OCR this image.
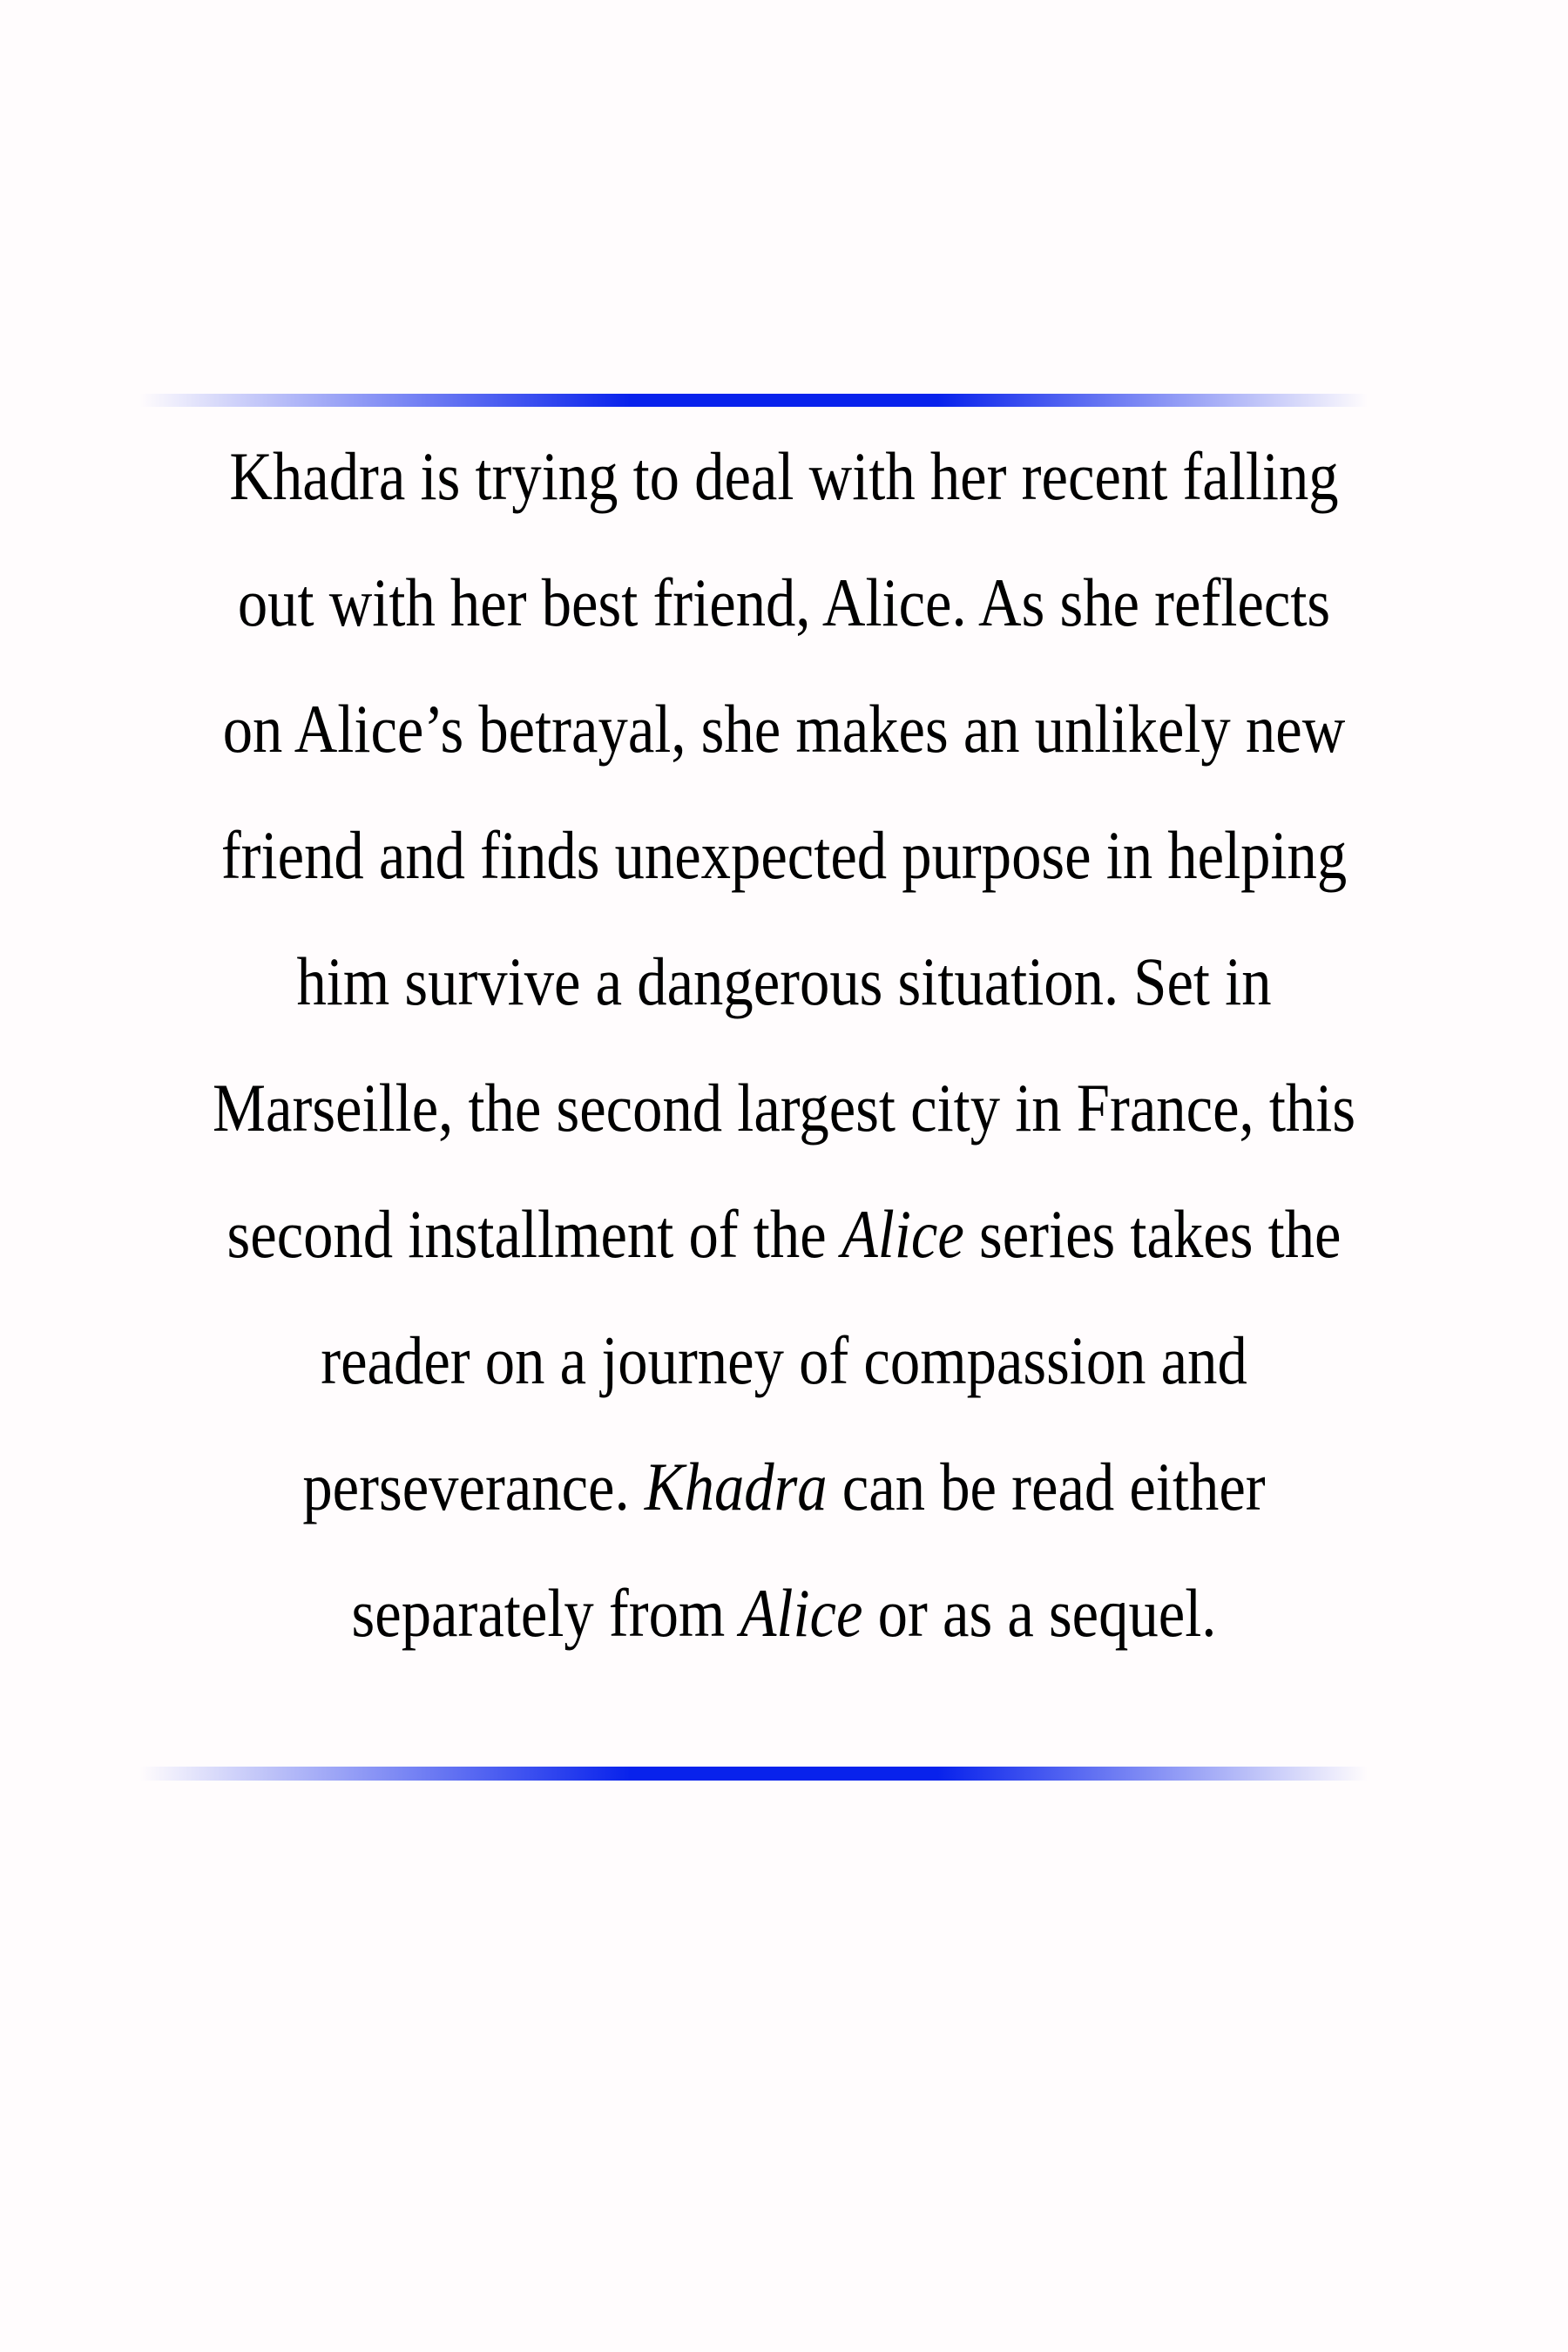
Khadra is trying to deal with her recent falling
out with her best friend, Alice. As she reflects
on Alice’s betrayal, she makes an unlikely new
friend and finds unexpected purpose in helping
him survive a dangerous situation. Set in
Marseille, the second largest city in France, this
second installment of the Alice series takes the
reader on a journey of compassion and
perseverance. Khadra can be read either
separately from Alice or as a sequel.
